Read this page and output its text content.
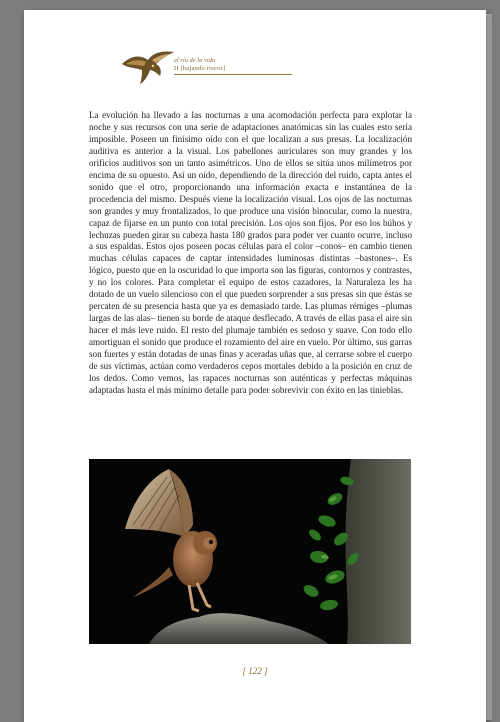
el río de la vida
II [bajando riscos]
La evolución ha llevado a las nocturnas a una acomodación perfecta para explotar la noche y sus recursos con una serie de adaptaciones anatómicas sin las cuales esto sería imposible. Poseen un finísimo oído con el que localizan a sus presas. La localización auditiva es anterior a la visual. Los pabellones auriculares son muy grandes y los orificios auditivos son un tanto asimétricos. Uno de ellos se sitúa unos milímetros por encima de su opuesto. Así un oído, dependiendo de la dirección del ruido, capta antes el sonido que el otro, proporcionando una información exacta e instantánea de la procedencia del mismo. Después viene la localización visual. Los ojos de las nocturnas son grandes y muy frontalizados, lo que produce una visión binocular, como la nuestra, capaz de fijarse en un punto con total precisión. Los ojos son fijos. Por eso los búhos y lechuzas pueden girar su cabeza hasta 180 grados para poder ver cuanto ocurre, incluso a sus espaldas. Estos ojos poseen pocas células para el color –conos– en cambio tienen muchas células capaces de captar intensidades luminosas distintas –bastones–. Es lógico, puesto que en la oscuridad lo que importa son las figuras, contornos y contrastes, y no los colores. Para completar el equipo de estos cazadores, la Naturaleza les ha dotado de un vuelo silencioso con el que pueden sorprender a sus presas sin que éstas se percaten de su presencia hasta que ya es demasiado tarde. Las plumas rémiges –plumas largas de las alas– tienen su borde de ataque desflecado. A través de ellas pasa el aire sin hacer el más leve ruido. El resto del plumaje también es sedoso y suave. Con todo ello amortiguan el sonido que produce el rozamiento del aire en vuelo. Por último, sus garras son fuertes y están dotadas de unas finas y aceradas uñas que, al cerrarse sobre el cuerpo de sus víctimas, actúan como verdaderos cepos mortales debido a la posición en cruz de los dedos. Como vemos, las rapaces nocturnas son auténticas y perfectas máquinas adaptadas hasta el más mínimo detalle para poder sobrevivir con éxito en las tinieblas.
[ 122 ]
